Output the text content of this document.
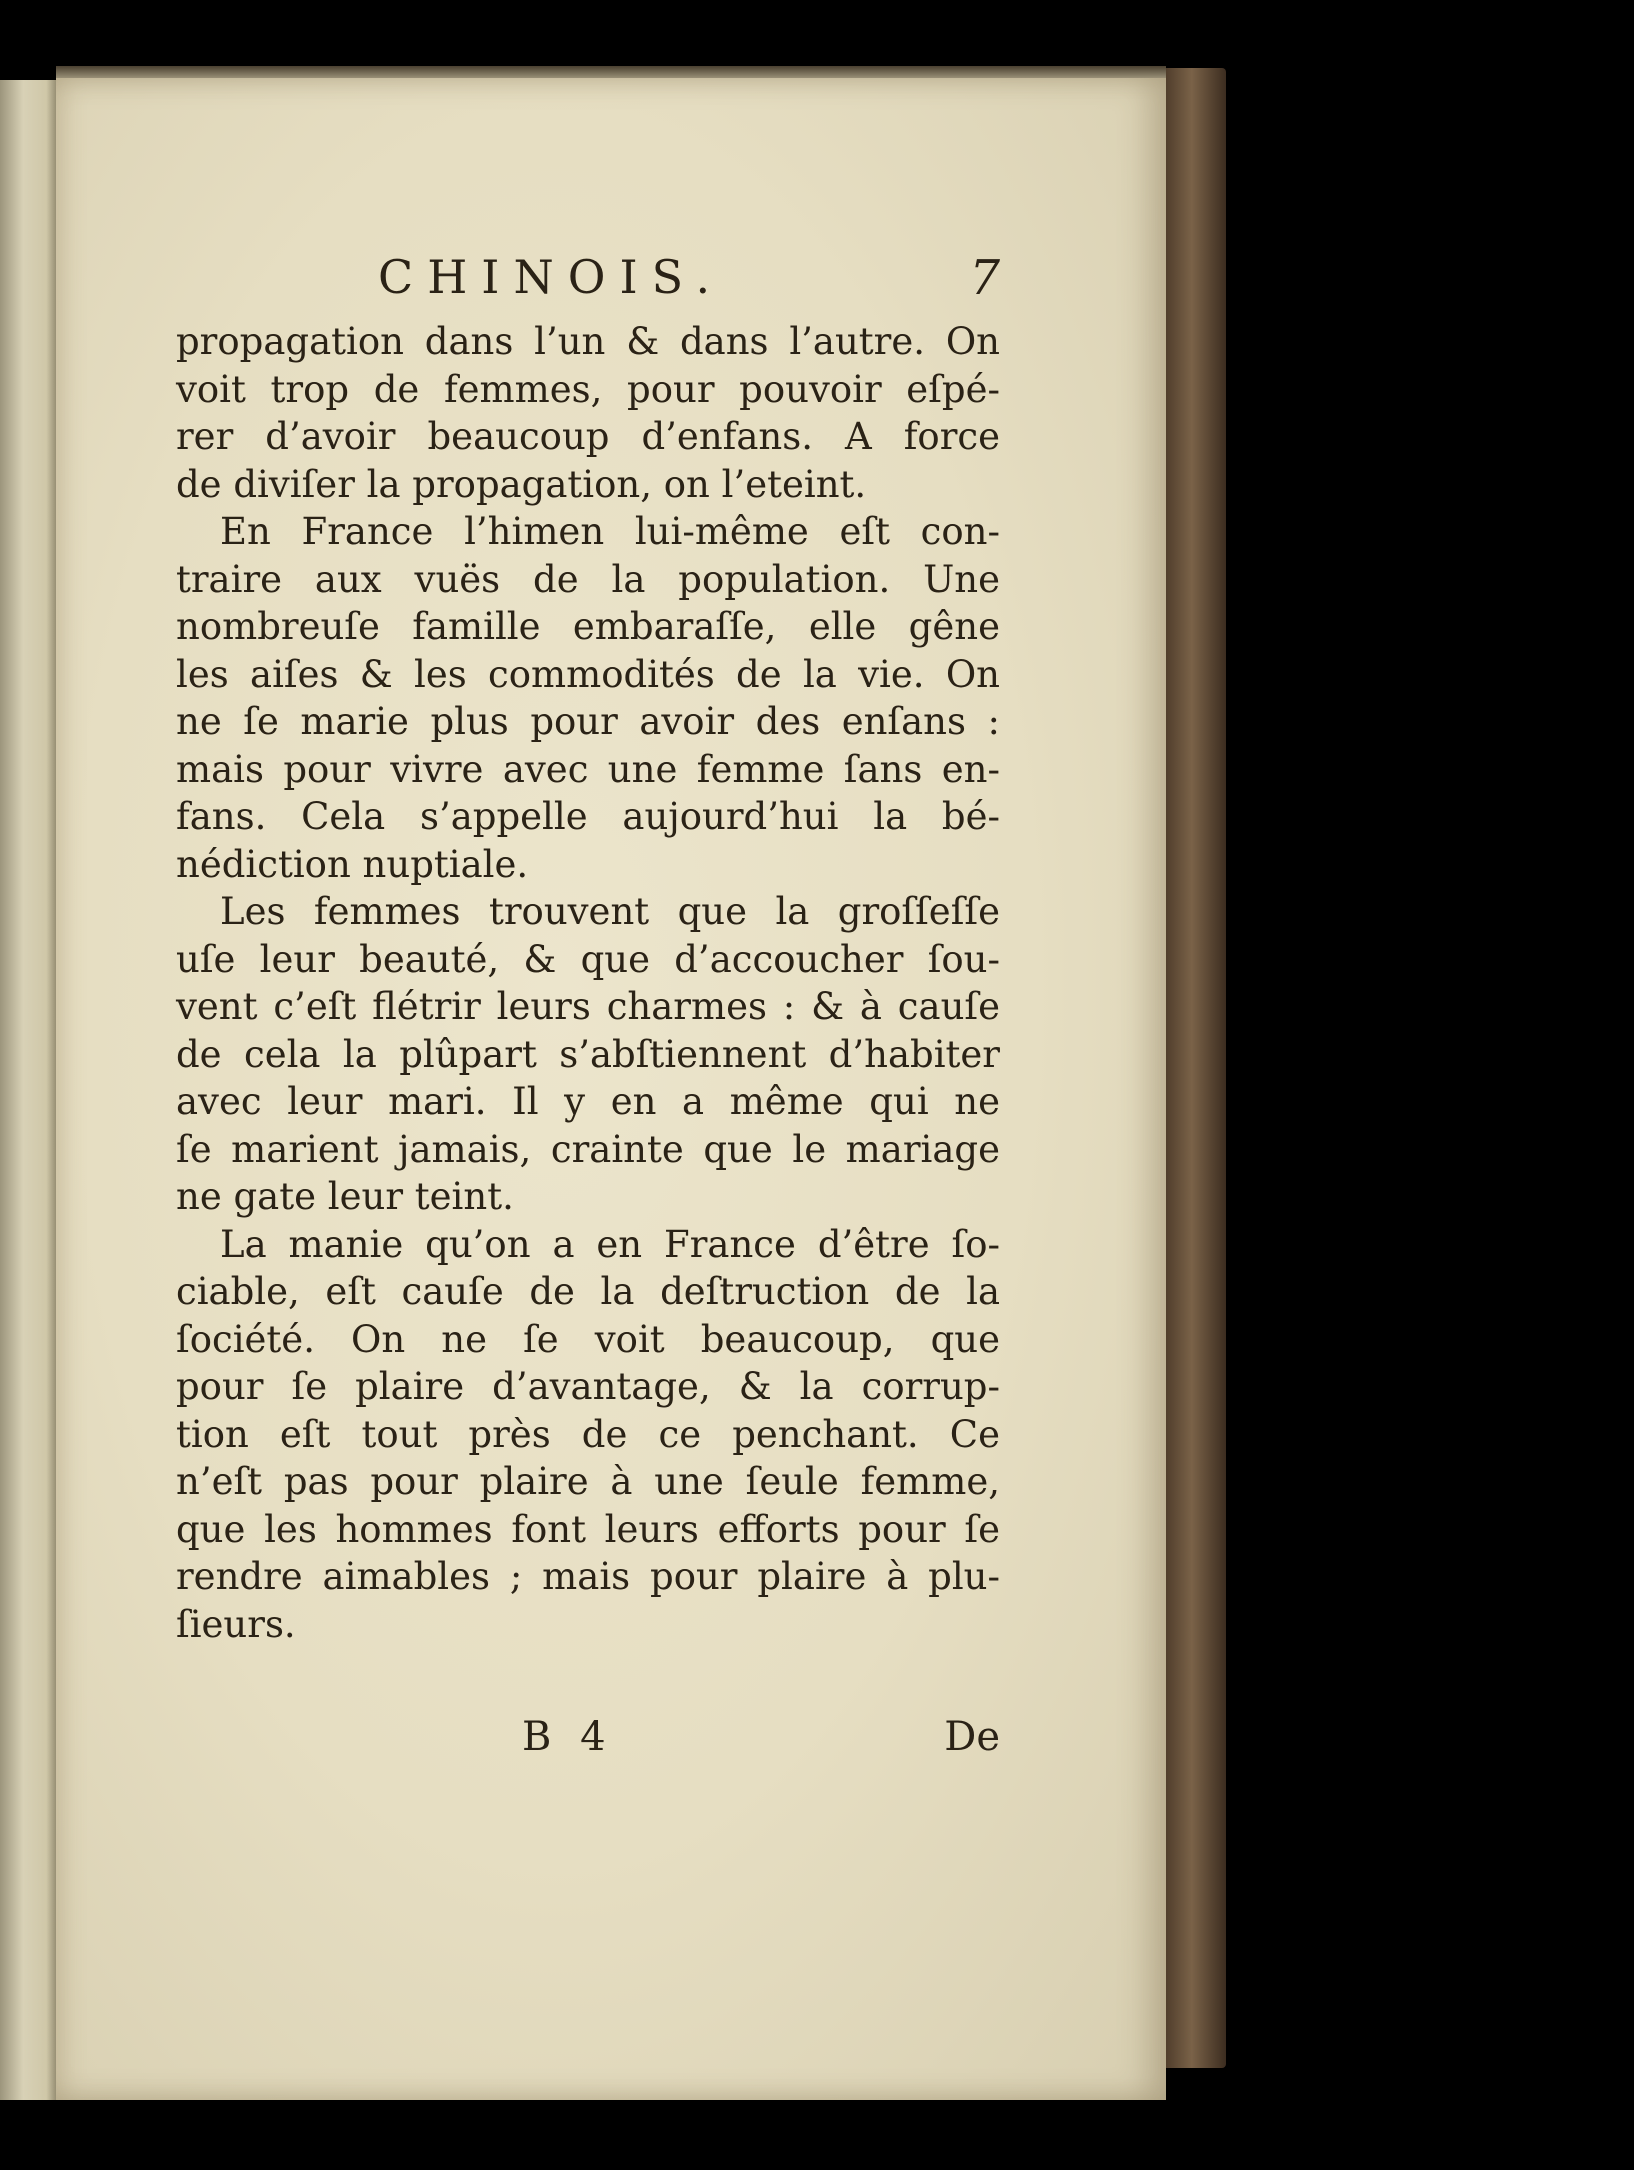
CHINOIS.	7
propagation dans l’un & dans l’autre. On
voit trop de femmes, pour pouvoir eſpé-
rer d’avoir beaucoup d’enfans. A force
de diviſer la propagation, on l’eteint.
En France l’himen lui-même eſt con-
traire aux vuës de la population. Une
nombreuſe famille embaraſſe, elle gêne
les aiſes & les commodités de la vie. On
ne ſe marie plus pour avoir des enſans :
mais pour vivre avec une femme ſans en-
fans. Cela s’appelle aujourd’hui la bé-
nédiction nuptiale.
Les femmes trouvent que la groſſeſſe
uſe leur beauté, & que d’accoucher ſou-
vent c’eſt flétrir leurs charmes : & à cauſe
de cela la plûpart s’abſtiennent d’habiter
avec leur mari. Il y en a même qui ne
ſe marient jamais, crainte que le mariage
ne gate leur teint.
La manie qu’on a en France d’être ſo-
ciable, eſt cauſe de la deſtruction de la
ſociété. On ne ſe voit beaucoup, que
pour ſe plaire d’avantage, & la corrup-
tion eſt tout près de ce penchant. Ce
n’eſt pas pour plaire à une ſeule femme,
que les hommes font leurs efforts pour ſe
rendre aimables ; mais pour plaire à plu-
ſieurs.
B 4	De
